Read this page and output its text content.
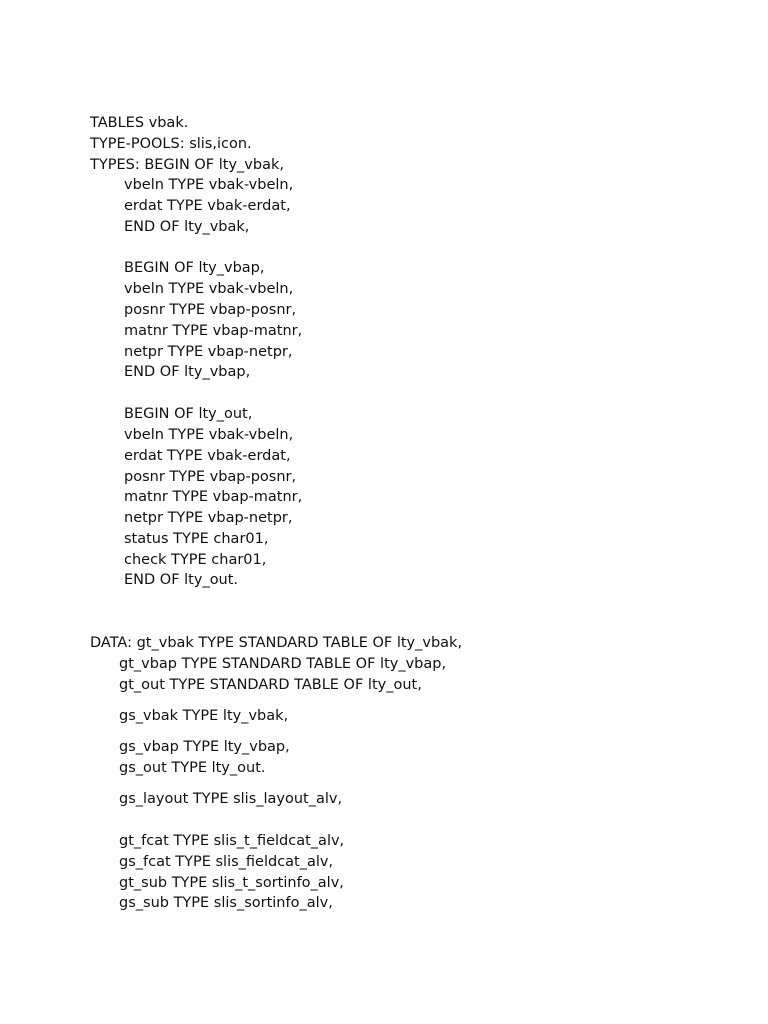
TABLES vbak.
TYPE-POOLS: slis,icon.
TYPES: BEGIN OF lty_vbak,
vbeln TYPE vbak-vbeln,
erdat TYPE vbak-erdat,
END OF lty_vbak,
BEGIN OF lty_vbap,
vbeln TYPE vbak-vbeln,
posnr TYPE vbap-posnr,
matnr TYPE vbap-matnr,
netpr TYPE vbap-netpr,
END OF lty_vbap,
BEGIN OF lty_out,
vbeln TYPE vbak-vbeln,
erdat TYPE vbak-erdat,
posnr TYPE vbap-posnr,
matnr TYPE vbap-matnr,
netpr TYPE vbap-netpr,
status TYPE char01,
check TYPE char01,
END OF lty_out.
DATA: gt_vbak TYPE STANDARD TABLE OF lty_vbak,
gt_vbap TYPE STANDARD TABLE OF lty_vbap,
gt_out TYPE STANDARD TABLE OF lty_out,
gs_vbak TYPE lty_vbak,
gs_vbap TYPE lty_vbap,
gs_out TYPE lty_out.
gs_layout TYPE slis_layout_alv,
gt_fcat TYPE slis_t_fieldcat_alv,
gs_fcat TYPE slis_fieldcat_alv,
gt_sub TYPE slis_t_sortinfo_alv,
gs_sub TYPE slis_sortinfo_alv,
